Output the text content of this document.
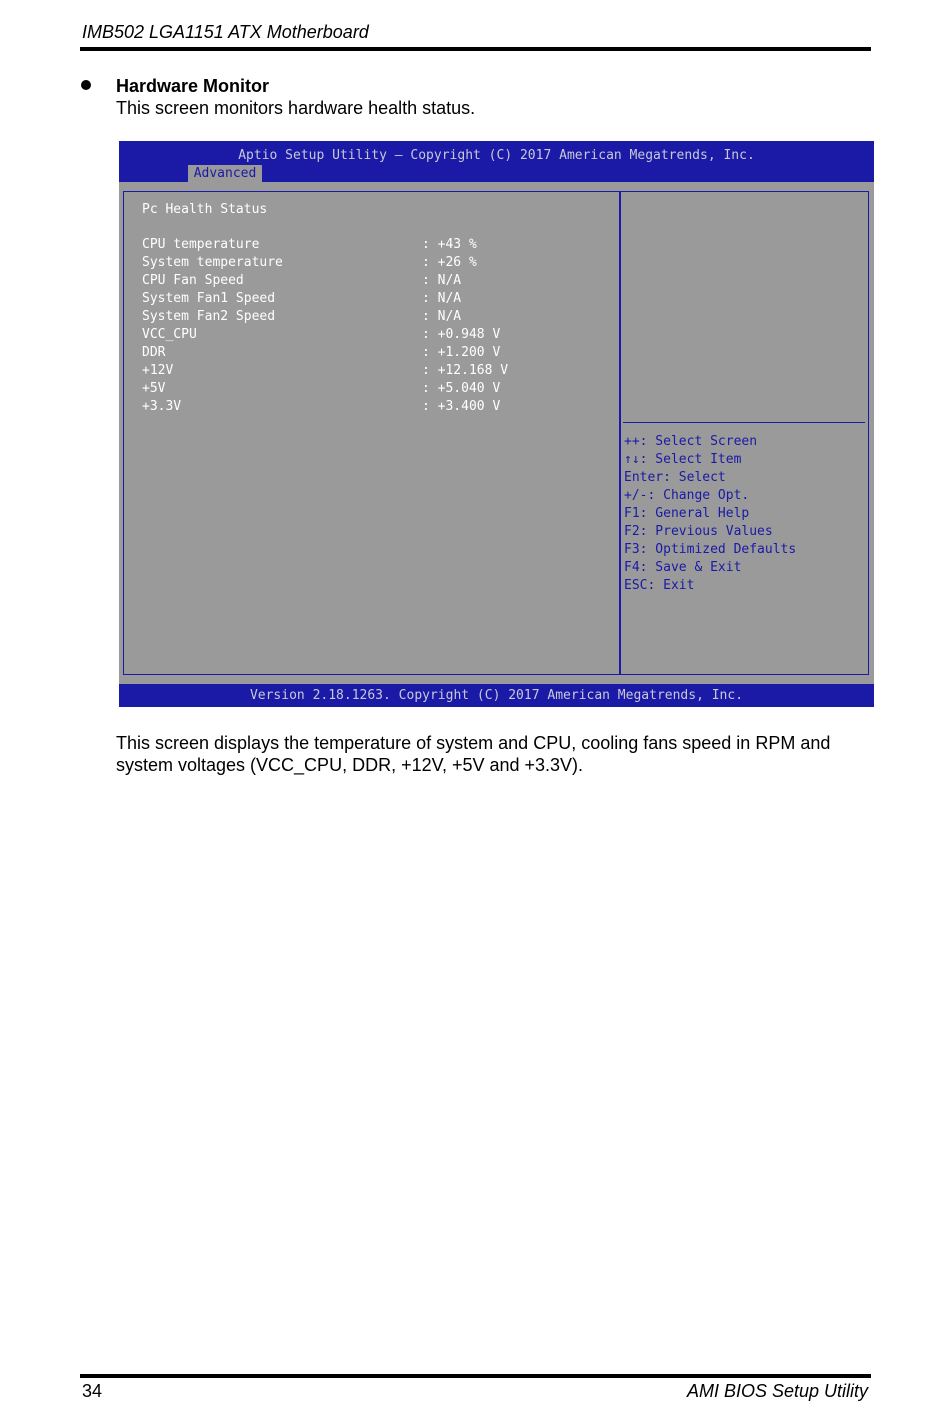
IMB502 LGA1151 ATX Motherboard
Hardware Monitor
This screen monitors hardware health status.
Aptio Setup Utility – Copyright (C) 2017 American Megatrends, Inc.
Advanced
Pc Health Status
CPU temperature	: +43 %
System temperature	: +26 %
CPU Fan Speed	: N/A
System Fan1 Speed	: N/A
System Fan2 Speed	: N/A
VCC_CPU	: +0.948 V
DDR	: +1.200 V
+12V	: +12.168 V
+5V	: +5.040 V
+3.3V	: +3.400 V
++: Select Screen
↑↓: Select Item
Enter: Select
+/-: Change Opt.
F1: General Help
F2: Previous Values
F3: Optimized Defaults
F4: Save & Exit
ESC: Exit
Version 2.18.1263. Copyright (C) 2017 American Megatrends, Inc.
This screen displays the temperature of system and CPU, cooling fans speed in RPM and system voltages (VCC_CPU, DDR, +12V, +5V and +3.3V).
34	AMI BIOS Setup Utility
